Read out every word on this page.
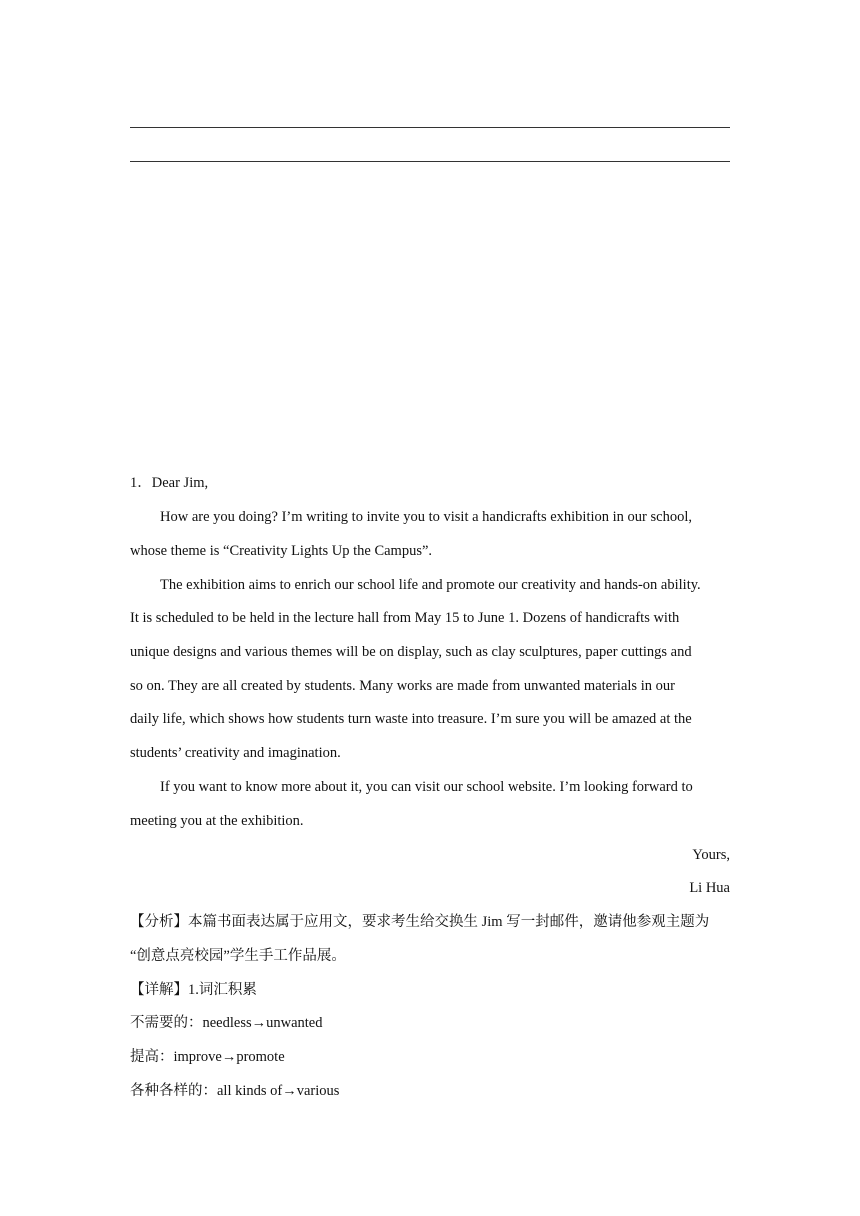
1．Dear Jim,
How are you doing? I’m writing to invite you to visit a handicrafts exhibition in our school,
whose theme is “Creativity Lights Up the Campus”.
The exhibition aims to enrich our school life and promote our creativity and hands-on ability.
It is scheduled to be held in the lecture hall from May 15 to June 1. Dozens of handicrafts with
unique designs and various themes will be on display, such as clay sculptures, paper cuttings and
so on. They are all created by students. Many works are made from unwanted materials in our
daily life, which shows how students turn waste into treasure. I’m sure you will be amazed at the
students’ creativity and imagination.
If you want to know more about it, you can visit our school website. I’m looking forward to
meeting you at the exhibition.
Yours,
Li Hua
【分析】本篇书面表达属于应用文，要求考生给交换生 Jim 写一封邮件，邀请他参观主题为
“创意点亮校园”学生手工作品展。
【详解】1.词汇积累
不需要的：needless→unwanted
提高：improve→promote
各种各样的：all kinds of→various
